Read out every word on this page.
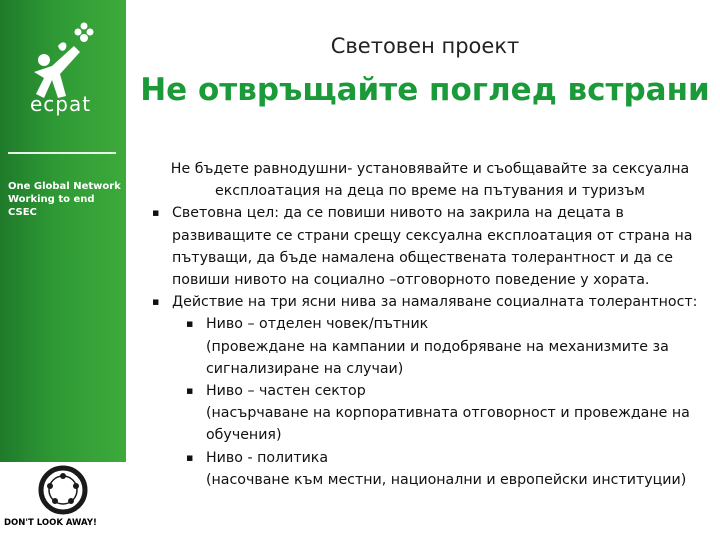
ecpat
One Global Network
Working to end CSEC
DON'T LOOK AWAY!
Световен проект
Не отвръщайте поглед встрани

Не бъдете равнодушни- установявайте и съобщавайте за сексуална експлоатация на деца по време на пътувания и туризъм

▪ Световна цел: да се повиши нивото на закрила на децата в развиващите се страни срещу сексуална експлоатация от страна на пътуващи, да бъде намалена обществената толерантност и да се повиши нивото на социално –отговорното поведение у хората.
▪ Действие на три ясни нива за намаляване социалната толерантност:
▪ Ниво – отделен човек/пътник
(провеждане на кампании и подобряване на механизмите за сигнализиране на случаи)
▪ Ниво – частен сектор
(насърчаване на корпоративната отговорност и провеждане на обучения)
▪ Ниво - политика
(насочване към местни, национални и европейски институции)
